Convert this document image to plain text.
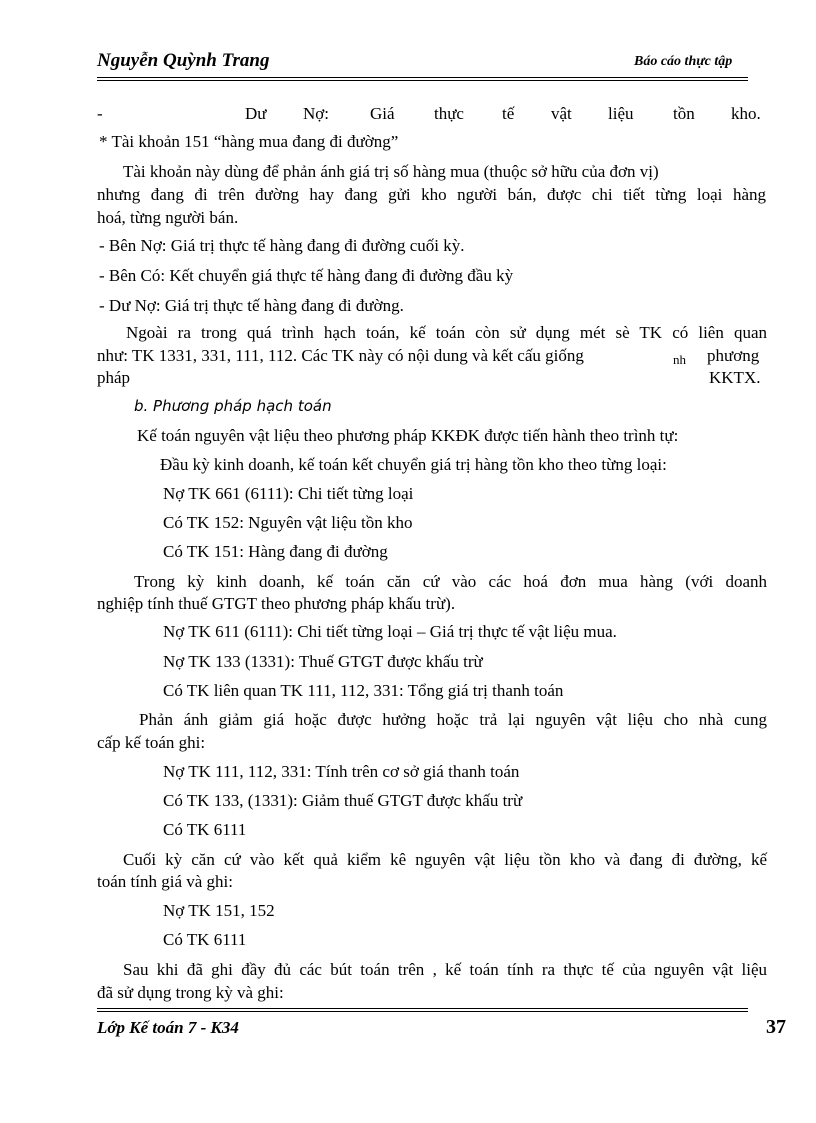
Nguyễn Quỳnh Trang	Báo cáo thực tập
-	Dư Nợ: Giá thực tế vật liệu tồn kho.
* Tài khoản 151 “hàng mua đang đi đường”
Tài khoản này dùng để phản ánh giá trị số hàng mua (thuộc sở hữu của đơn vị)
nhưng đang đi trên đường hay đang gửi kho người bán, được chi tiết từng loại hàng
hoá, từng người bán.
- Bên Nợ: Giá trị thực tế hàng đang đi đường cuối kỳ.
- Bên Có: Kết chuyển giá thực tế hàng đang đi đường đầu kỳ
- Dư Nợ: Giá trị thực tế hàng đang đi đường.
Ngoài ra trong quá trình hạch toán, kế toán còn sử dụng mét sè TK có liên quan
như: TK 1331, 331, 111, 112. Các TK này có nội dung và kết cấu giống	nh phương
pháp	KKTX.
b. Phương pháp hạch toán
Kế toán nguyên vật liệu theo phương pháp KKĐK được tiến hành theo trình tự:
Đầu kỳ kinh doanh, kế toán kết chuyển giá trị hàng tồn kho theo từng loại:
Nợ TK 661 (6111): Chi tiết từng loại
Có TK 152: Nguyên vật liệu tồn kho
Có TK 151: Hàng đang đi đường
Trong kỳ kinh doanh, kế toán căn cứ vào các hoá đơn mua hàng (với doanh
nghiệp tính thuế GTGT theo phương pháp khấu trừ).
Nợ TK 611 (6111): Chi tiết từng loại – Giá trị thực tế vật liệu mua.
Nợ TK 133 (1331): Thuế GTGT được khấu trừ
Có TK liên quan TK 111, 112, 331: Tổng giá trị thanh toán
Phản ánh giảm giá hoặc được hưởng hoặc trả lại nguyên vật liệu cho nhà cung
cấp kế toán ghi:
Nợ TK 111, 112, 331: Tính trên cơ sở giá thanh toán
Có TK 133, (1331): Giảm thuế GTGT được khấu trừ
Có TK 6111
Cuối kỳ căn cứ vào kết quả kiểm kê nguyên vật liệu tồn kho và đang đi đường, kế
toán tính giá và ghi:
Nợ TK 151, 152
Có TK 6111
Sau khi đã ghi đầy đủ các bút toán trên , kế toán tính ra thực tế của nguyên vật liệu
đã sử dụng trong kỳ và ghi:
Lớp Kế toán 7 - K34	37
